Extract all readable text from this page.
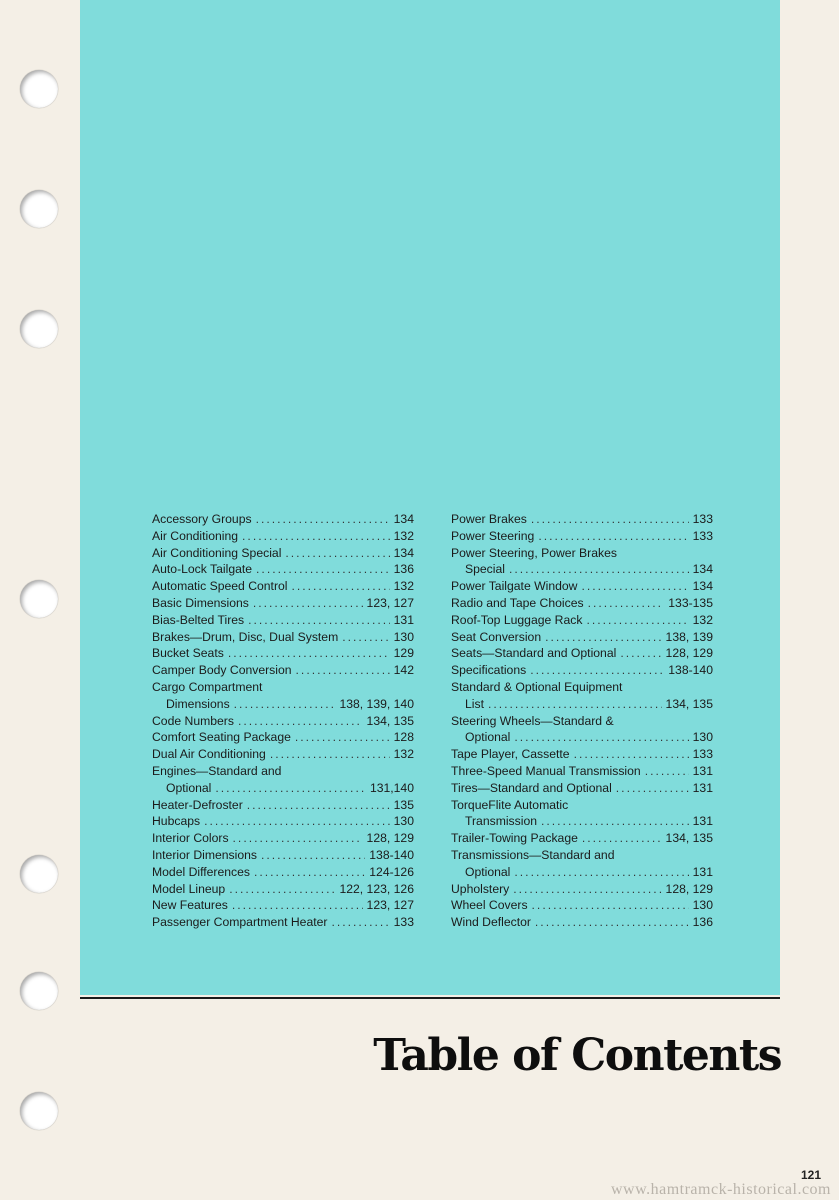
Accessory Groups .....	134
Air Conditioning .....	132
Air Conditioning Special .....	134
Auto-Lock Tailgate .....	136
Automatic Speed Control .....	132
Basic Dimensions .....	123, 127
Bias-Belted Tires .....	131
Brakes—Drum, Disc, Dual System .....	130
Bucket Seats .....	129
Camper Body Conversion .....	142
Cargo Compartment
Dimensions .....	138, 139, 140
Code Numbers .....	134, 135
Comfort Seating Package .....	128
Dual Air Conditioning .....	132
Engines—Standard and
Optional .....	131,140
Heater-Defroster .....	135
Hubcaps .....	130
Interior Colors .....	128, 129
Interior Dimensions .....	138-140
Model Differences .....	124-126
Model Lineup .....	122, 123, 126
New Features .....	123, 127
Passenger Compartment Heater .....	133
Power Brakes .....	133
Power Steering .....	133
Power Steering, Power Brakes
Special .....	134
Power Tailgate Window .....	134
Radio and Tape Choices .....	133-135
Roof-Top Luggage Rack .....	132
Seat Conversion .....	138, 139
Seats—Standard and Optional .....	128, 129
Specifications .....	138-140
Standard & Optional Equipment
List .....	134, 135
Steering Wheels—Standard &
Optional .....	130
Tape Player, Cassette .....	133
Three-Speed Manual Transmission .....	131
Tires—Standard and Optional .....	131
TorqueFlite Automatic
Transmission .....	131
Trailer-Towing Package .....	134, 135
Transmissions—Standard and
Optional .....	131
Upholstery .....	128, 129
Wheel Covers .....	130
Wind Deflector .....	136
Table of Contents
121
www.hamtramck-historical.com
